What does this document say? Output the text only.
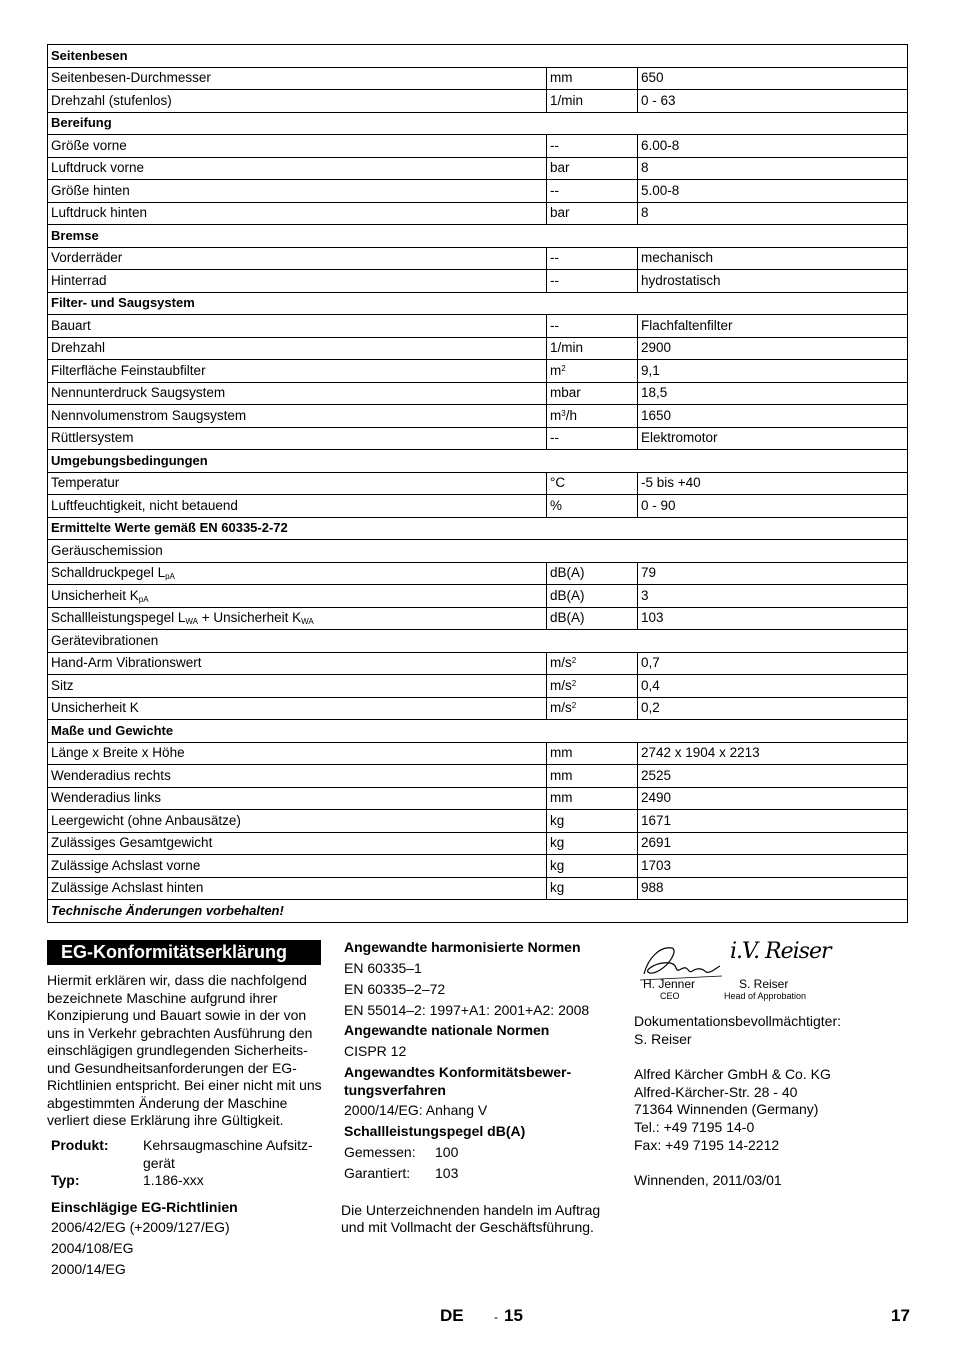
Seitenbesen		
Seitenbesen-Durchmesser	mm	650
Drehzahl (stufenlos)	1/min	0 - 63
Bereifung		
Größe vorne	--	6.00-8
Luftdruck vorne	bar	8
Größe hinten	--	5.00-8
Luftdruck hinten	bar	8
Bremse		
Vorderräder	--	mechanisch
Hinterrad	--	hydrostatisch
Filter- und Saugsystem		
Bauart	--	Flachfaltenfilter
Drehzahl	1/min	2900
Filterfläche Feinstaubfilter	$m^2$	9,1
Nennunterdruck Saugsystem	mbar	18,5
Nennvolumenstrom Saugsystem	$m^3/h$	1650
Rüttlersystem	--	Elektromotor
Umgebungsbedingungen		
Temperatur	°C	-5 bis +40
Luftfeuchtigkeit, nicht betauend	%	0 - 90
Ermittelte Werte gemäß EN 60335-2-72		
Geräuschemission		
Schalldruckpegel $L_{pA}$	dB(A)	79
Unsicherheit $K_{pA}$	dB(A)	3
Schallleistungspegel $L_{WA}$ + Unsicherheit $K_{WA}$	dB(A)	103
Gerätevibrationen		
Hand-Arm Vibrationswert	$m/s^2$	0,7
Sitz	$m/s^2$	0,4
Unsicherheit K	$m/s^2$	0,2
Maße und Gewichte		
Länge x Breite x Höhe	mm	2742 x 1904 x 2213
Wenderadius rechts	mm	2525
Wenderadius links	mm	2490
Leergewicht (ohne Anbausätze)	kg	1671
Zulässiges Gesamtgewicht	kg	2691
Zulässige Achslast vorne	kg	1703
Zulässige Achslast hinten	kg	988
Technische Änderungen vorbehalten!		
EG-Konformitätserklärung

Hiermit erklären wir, dass die nachfolgend bezeichnete Maschine aufgrund ihrer Konzipierung und Bauart sowie in der von uns in Verkehr gebrachten Ausführung den einschlägigen grundlegenden Sicherheits- und Gesundheitsanforderungen der EG-Richtlinien entspricht. Bei einer nicht mit uns abgestimmten Änderung der Maschine verliert diese Erklärung ihre Gültigkeit.

Produkt:	Kehrsaugmaschine Aufsitz-gerät
Typ:	1.186-xxx
Einschlägige EG-Richtlinien
2006/42/EG (+2009/127/EG)
2004/108/EG
2000/14/EG
Angewandte harmonisierte Normen
EN 60335–1
EN 60335–2–72
EN 55014–2: 1997+A1: 2001+A2: 2008
Angewandte nationale Normen
CISPR 12
Angewandtes Konformitätsbewer-
tungsverfahren
2000/14/EG: Anhang V
Schallleistungspegel dB(A)
Gemessen: 100
Garantiert: 103
Die Unterzeichnenden handeln im Auftrag
und mit Vollmacht der Geschäftsführung.
i.V. Reiser
H. Jenner
CEO
S. Reiser
Head of Approbation
Dokumentationsbevollmächtigter:
S. Reiser
Alfred Kärcher GmbH & Co. KG
Alfred-Kärcher-Str. 28 - 40
71364 Winnenden (Germany)
Tel.: +49 7195 14-0
Fax: +49 7195 14-2212
Winnenden, 2011/03/01
DE	- 15	17
